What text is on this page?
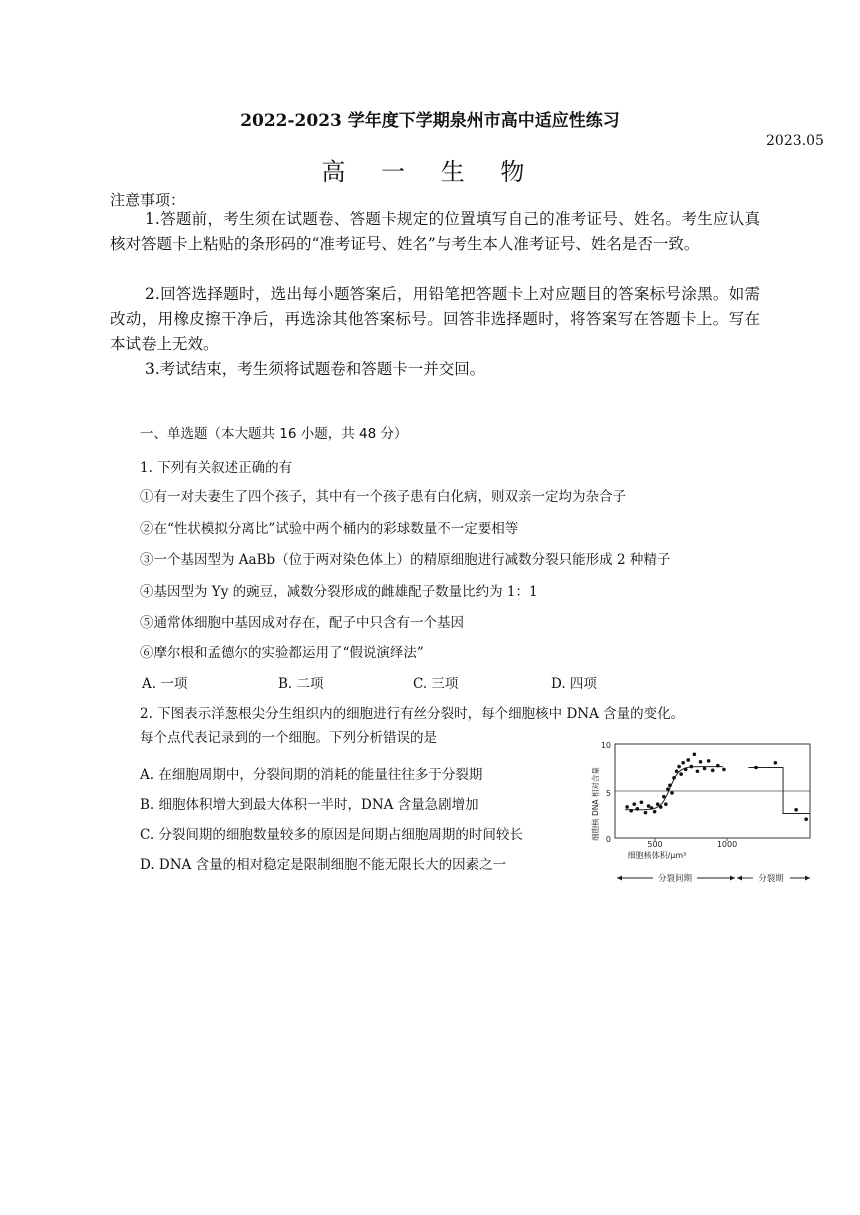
2022-2023 学年度下学期泉州市高中适应性练习
2023.05
高 一 生 物
注意事项：
1.答题前，考生须在试题卷、答题卡规定的位置填写自己的准考证号、姓名。考生应认真核对答题卡上粘贴的条形码的“准考证号、姓名”与考生本人准考证号、姓名是否一致。
2.回答选择题时，选出每小题答案后，用铅笔把答题卡上对应题目的答案标号涂黑。如需改动，用橡皮擦干净后，再选涂其他答案标号。回答非选择题时，将答案写在答题卡上。写在本试卷上无效。
3.考试结束，考生须将试题卷和答题卡一并交回。
一、单选题（本大题共 16 小题，共 48 分）
1. 下列有关叙述正确的有
①有一对夫妻生了四个孩子，其中有一个孩子患有白化病，则双亲一定均为杂合子
②在“性状模拟分离比”试验中两个桶内的彩球数量不一定要相等
③一个基因型为 AaBb（位于两对染色体上）的精原细胞进行减数分裂只能形成 2 种精子
④基因型为 Yy 的豌豆，减数分裂形成的雌雄配子数量比约为 1：1
⑤通常体细胞中基因成对存在，配子中只含有一个基因
⑥摩尔根和孟德尔的实验都运用了“假说演绎法”
A. 一项	B. 二项	C. 三项	D. 四项
2. 下图表示洋葱根尖分生组织内的细胞进行有丝分裂时，每个细胞核中 DNA 含量的变化。
每个点代表记录到的一个细胞。下列分析错误的是
A. 在细胞周期中，分裂间期的消耗的能量往往多于分裂期
B. 细胞体积增大到最大体积一半时，DNA 含量急剧增加
C. 分裂间期的细胞数量较多的原因是间期占细胞周期的时间较长
D. DNA 含量的相对稳定是限制细胞不能无限长大的因素之一
细胞核 DNA 相对含量
细胞核体积/μm³
500	1000
10
5
0
分裂间期	分裂期
